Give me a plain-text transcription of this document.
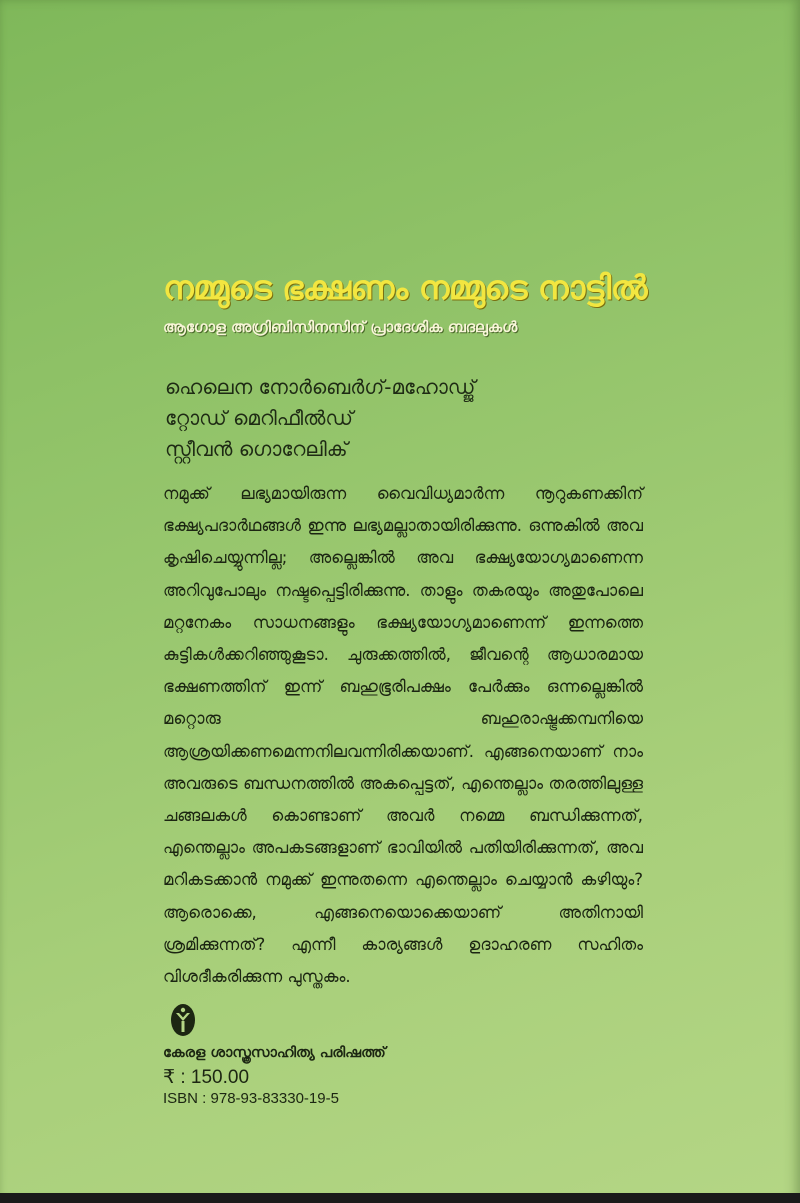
നമ്മുടെ ഭക്ഷണം നമ്മുടെ നാട്ടിൽ
ആഗോള അഗ്രിബിസിനസിന് പ്രാദേശിക ബദലുകൾ
ഹെലെന നോർബെർഗ്-മഹോഡ്ജ്
റ്റോഡ് മെറിഫീൽഡ്
സ്റ്റീവൻ ഗൊറേലിക്
നമുക്ക് ലഭ്യമായിരുന്ന വൈവിധ്യമാർന്ന നൂറുകണക്കിന് ഭക്ഷ്യപദാർഥങ്ങൾ ഇന്നു ലഭ്യമല്ലാതായിരിക്കുന്നു. ഒന്നുകിൽ അവ കൃഷിചെയ്യുന്നില്ല; അല്ലെങ്കിൽ അവ ഭക്ഷ്യയോഗ്യമാണെന്ന അറിവുപോലും നഷ്ടപ്പെട്ടിരിക്കുന്നു. താളും തകരയും അതുപോലെ മറ്റനേകം സാധനങ്ങളും ഭക്ഷ്യയോഗ്യമാണെന്ന് ഇന്നത്തെ കുട്ടികൾക്കറിഞ്ഞുകൂടാ. ചുരുക്കത്തിൽ, ജീവന്റെ ആധാരമായ ഭക്ഷണത്തിന് ഇന്ന് ബഹുഭൂരിപക്ഷം പേർക്കും ഒന്നല്ലെങ്കിൽ മറ്റൊരു ബഹുരാഷ്ട്രക്കമ്പനിയെ ആശ്രയിക്കണമെന്നനിലവന്നിരിക്കയാണ്. എങ്ങനെയാണ് നാം അവരുടെ ബന്ധനത്തിൽ അകപ്പെട്ടത്, എന്തെല്ലാം തരത്തിലുള്ള ചങ്ങലകൾ കൊണ്ടാണ് അവർ നമ്മെ ബന്ധിക്കുന്നത്, എന്തെല്ലാം അപകടങ്ങളാണ് ഭാവിയിൽ പതിയിരിക്കുന്നത്, അവ മറികടക്കാൻ നമുക്ക് ഇന്നുതന്നെ എന്തെല്ലാം ചെയ്യാൻ കഴിയും? ആരൊക്കെ, എങ്ങനെയൊക്കെയാണ് അതിനായി ശ്രമിക്കുന്നത്? എന്നീ കാര്യങ്ങൾ ഉദാഹരണ സഹിതം വിശദീകരിക്കുന്ന പുസ്തകം.
കേരള ശാസ്ത്രസാഹിത്യ പരിഷത്ത്
₹ : 150.00
ISBN : 978-93-83330-19-5
